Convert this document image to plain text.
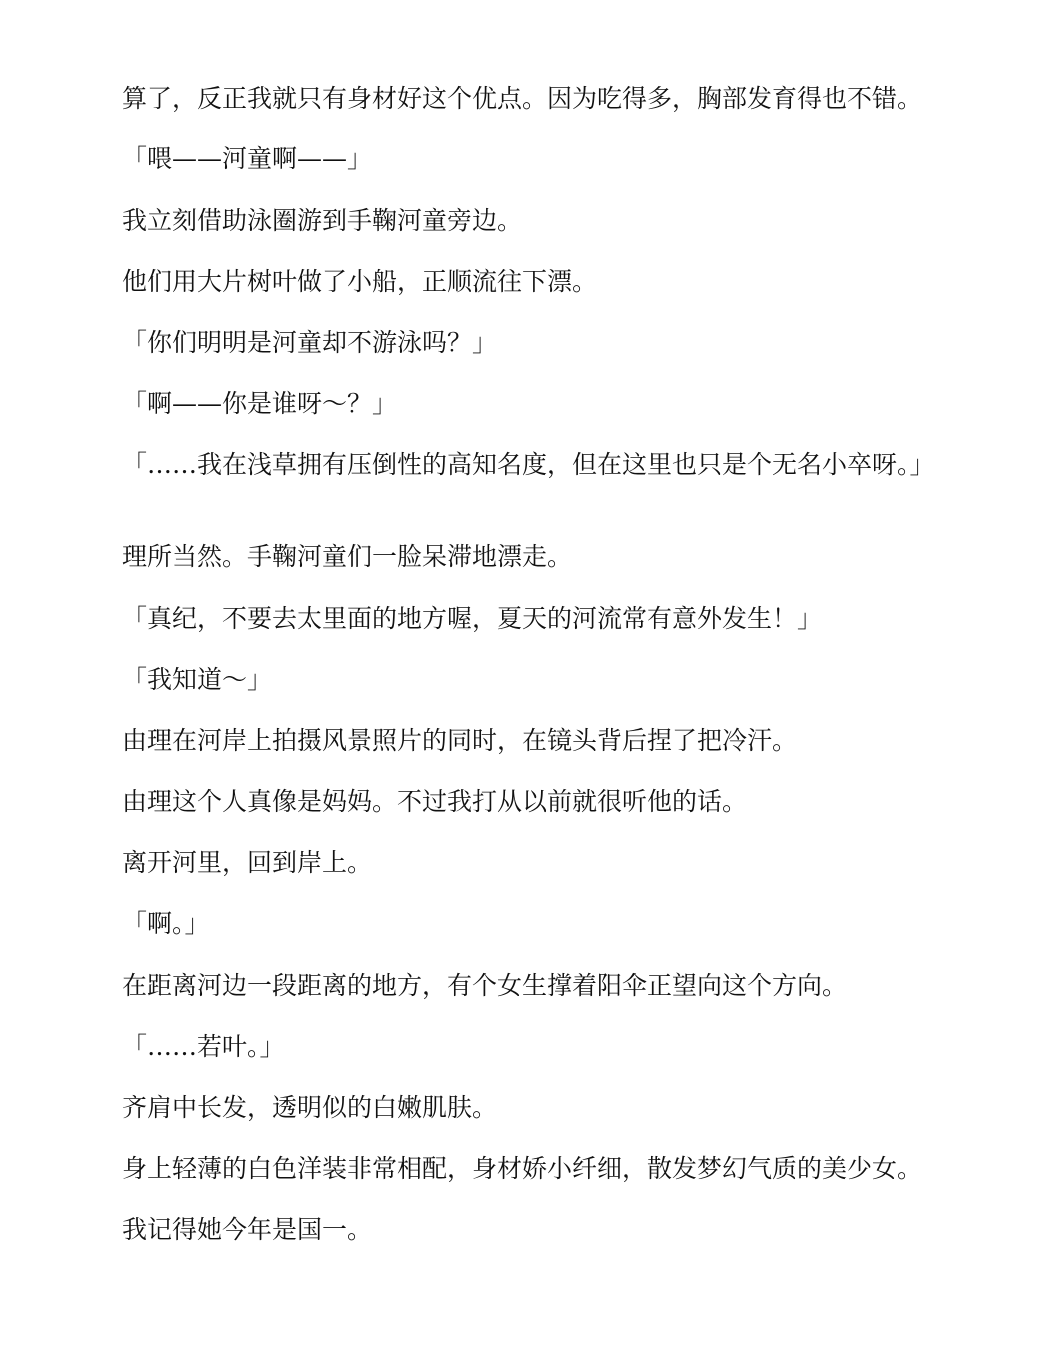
算了，反正我就只有身材好这个优点。因为吃得多，胸部发育得也不错。

「喂——河童啊——」

我立刻借助泳圈游到手鞠河童旁边。

他们用大片树叶做了小船，正顺流往下漂。

「你们明明是河童却不游泳吗？」

「啊——你是谁呀～？」

「……我在浅草拥有压倒性的高知名度，但在这里也只是个无名小卒呀。」

理所当然。手鞠河童们一脸呆滞地漂走。

「真纪，不要去太里面的地方喔，夏天的河流常有意外发生！」

「我知道～」

由理在河岸上拍摄风景照片的同时，在镜头背后捏了把冷汗。

由理这个人真像是妈妈。不过我打从以前就很听他的话。

离开河里，回到岸上。

「啊。」

在距离河边一段距离的地方，有个女生撑着阳伞正望向这个方向。

「……若叶。」

齐肩中长发，透明似的白嫩肌肤。

身上轻薄的白色洋装非常相配，身材娇小纤细，散发梦幻气质的美少女。

我记得她今年是国一。
